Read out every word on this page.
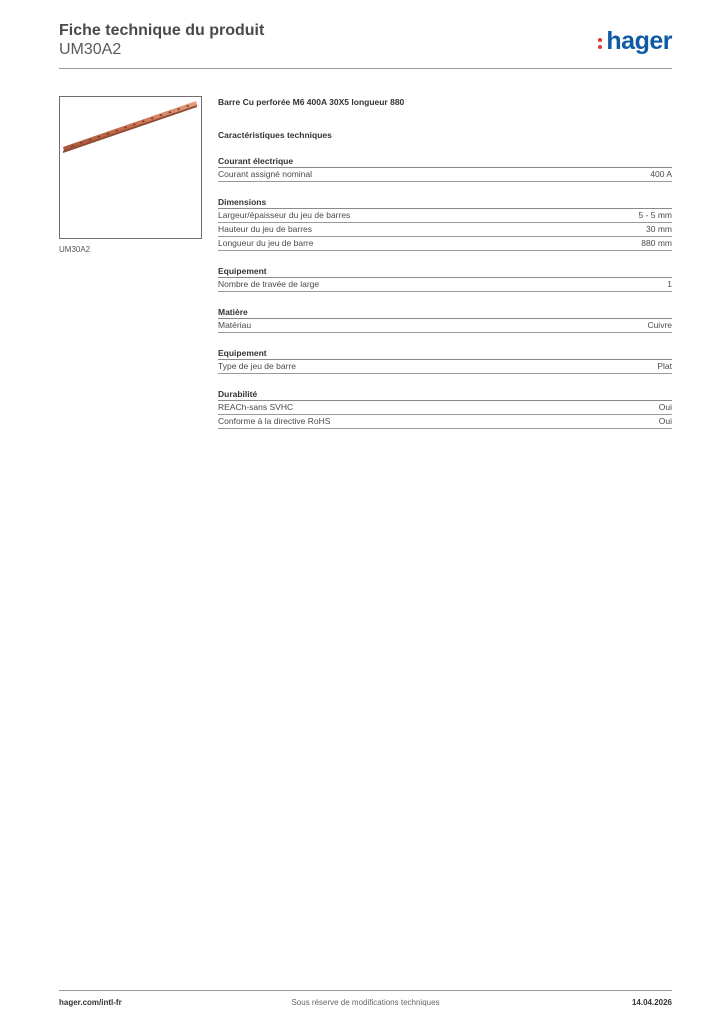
Fiche technique du produit
UM30A2	hager
UM30A2
Barre Cu perforée M6 400A 30X5 longueur 880
Caractéristiques techniques
Courant électrique
Courant assigné nominal	400 A
Dimensions
Largeur/épaisseur du jeu de barres	5 - 5 mm
Hauteur du jeu de barres	30 mm
Longueur du jeu de barre	880 mm
Equipement
Nombre de travée de large	1
Matière
Matériau	Cuivre
Equipement
Type de jeu de barre	Plat
Durabilité
REACh-sans SVHC	Oui
Conforme à la directive RoHS	Oui
hager.com/intl-fr	Sous réserve de modifications techniques	14.04.2026
